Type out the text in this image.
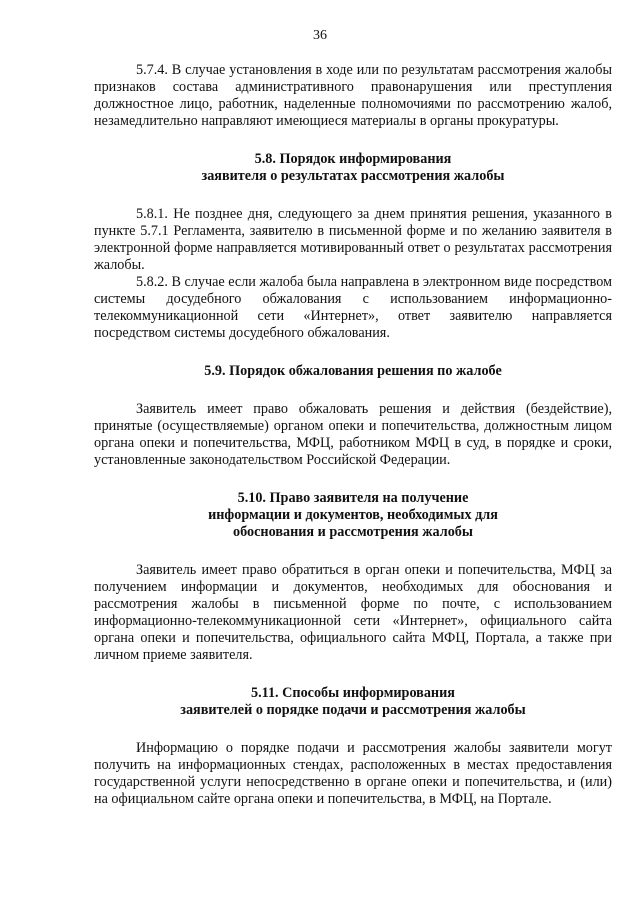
36

5.7.4. В случае установления в ходе или по результатам рассмотрения жалобы признаков состава административного правонарушения или преступления должностное лицо, работник, наделенные полномочиями по рассмотрению жалоб, незамедлительно направляют имеющиеся материалы в органы прокуратуры.

5.8. Порядок информирования
заявителя о результатах рассмотрения жалобы

5.8.1. Не позднее дня, следующего за днем принятия решения, указанного в пункте 5.7.1 Регламента, заявителю в письменной форме и по желанию заявителя в электронной форме направляется мотивированный ответ о результатах рассмотрения жалобы.

5.8.2. В случае если жалоба была направлена в электронном виде посредством системы досудебного обжалования с использованием информационно-телекоммуникационной сети «Интернет», ответ заявителю направляется посредством системы досудебного обжалования.

5.9. Порядок обжалования решения по жалобе

Заявитель имеет право обжаловать решения и действия (бездействие), принятые (осуществляемые) органом опеки и попечительства, должностным лицом органа опеки и попечительства, МФЦ, работником МФЦ в суд, в порядке и сроки, установленные законодательством Российской Федерации.

5.10. Право заявителя на получение
информации и документов, необходимых для
обоснования и рассмотрения жалобы

Заявитель имеет право обратиться в орган опеки и попечительства, МФЦ за получением информации и документов, необходимых для обоснования и рассмотрения жалобы в письменной форме по почте, с использованием информационно-телекоммуникационной сети «Интернет», официального сайта органа опеки и попечительства, официального сайта МФЦ, Портала, а также при личном приеме заявителя.

5.11. Способы информирования
заявителей о порядке подачи и рассмотрения жалобы

Информацию о порядке подачи и рассмотрения жалобы заявители могут получить на информационных стендах, расположенных в местах предоставления государственной услуги непосредственно в органе опеки и попечительства, и (или) на официальном сайте органа опеки и попечительства, в МФЦ, на Портале.
